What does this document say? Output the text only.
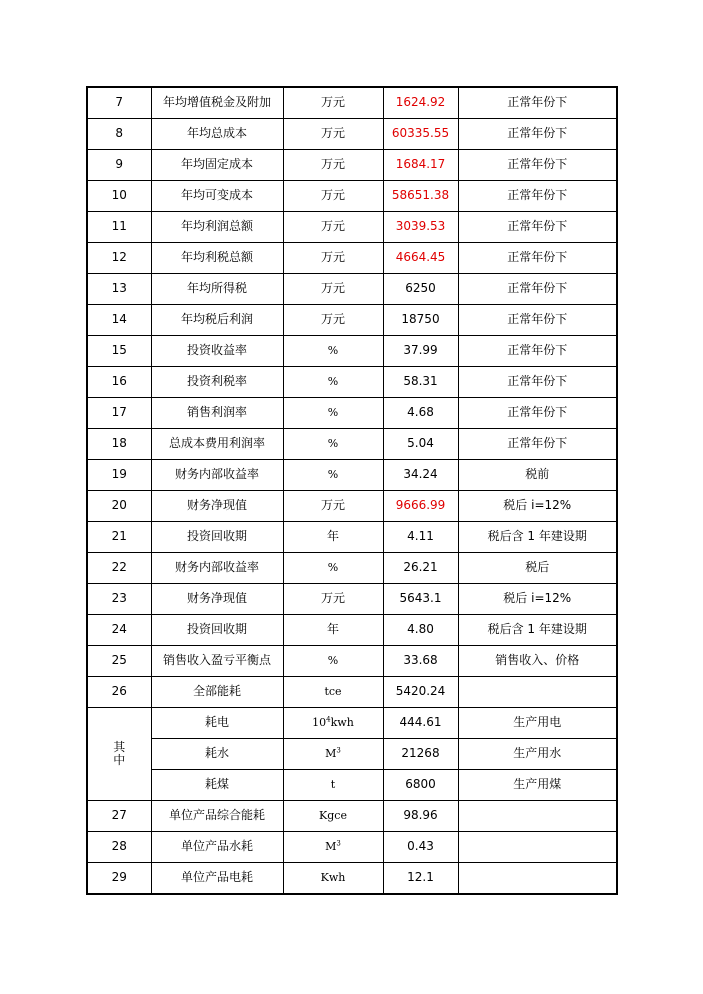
7	年均增值税金及附加	万元	1624.92	正常年份下
8	年均总成本	万元	60335.55	正常年份下
9	年均固定成本	万元	1684.17	正常年份下
10	年均可变成本	万元	58651.38	正常年份下
11	年均利润总额	万元	3039.53	正常年份下
12	年均利税总额	万元	4664.45	正常年份下
13	年均所得税	万元	6250	正常年份下
14	年均税后利润	万元	18750	正常年份下
15	投资收益率	%	37.99	正常年份下
16	投资利税率	%	58.31	正常年份下
17	销售利润率	%	4.68	正常年份下
18	总成本费用利润率	%	5.04	正常年份下
19	财务内部收益率	%	34.24	税前
20	财务净现值	万元	9666.99	税后 i=12%
21	投资回收期	年	4.11	税后含 1 年建设期
22	财务内部收益率	%	26.21	税后
23	财务净现值	万元	5643.1	税后 i=12%
24	投资回收期	年	4.80	税后含 1 年建设期
25	销售收入盈亏平衡点	%	33.68	销售收入、价格
26	全部能耗	tce	5420.24	

其
中	耗电	$10^4kwh$	444.61	生产用电
	耗水	$M^3$	21268	生产用水
	耗煤	t	6800	生产用煤
27	单位产品综合能耗	Kgce	98.96	
28	单位产品水耗	$M^3$	0.43	
29	单位产品电耗	Kwh	12.1	
